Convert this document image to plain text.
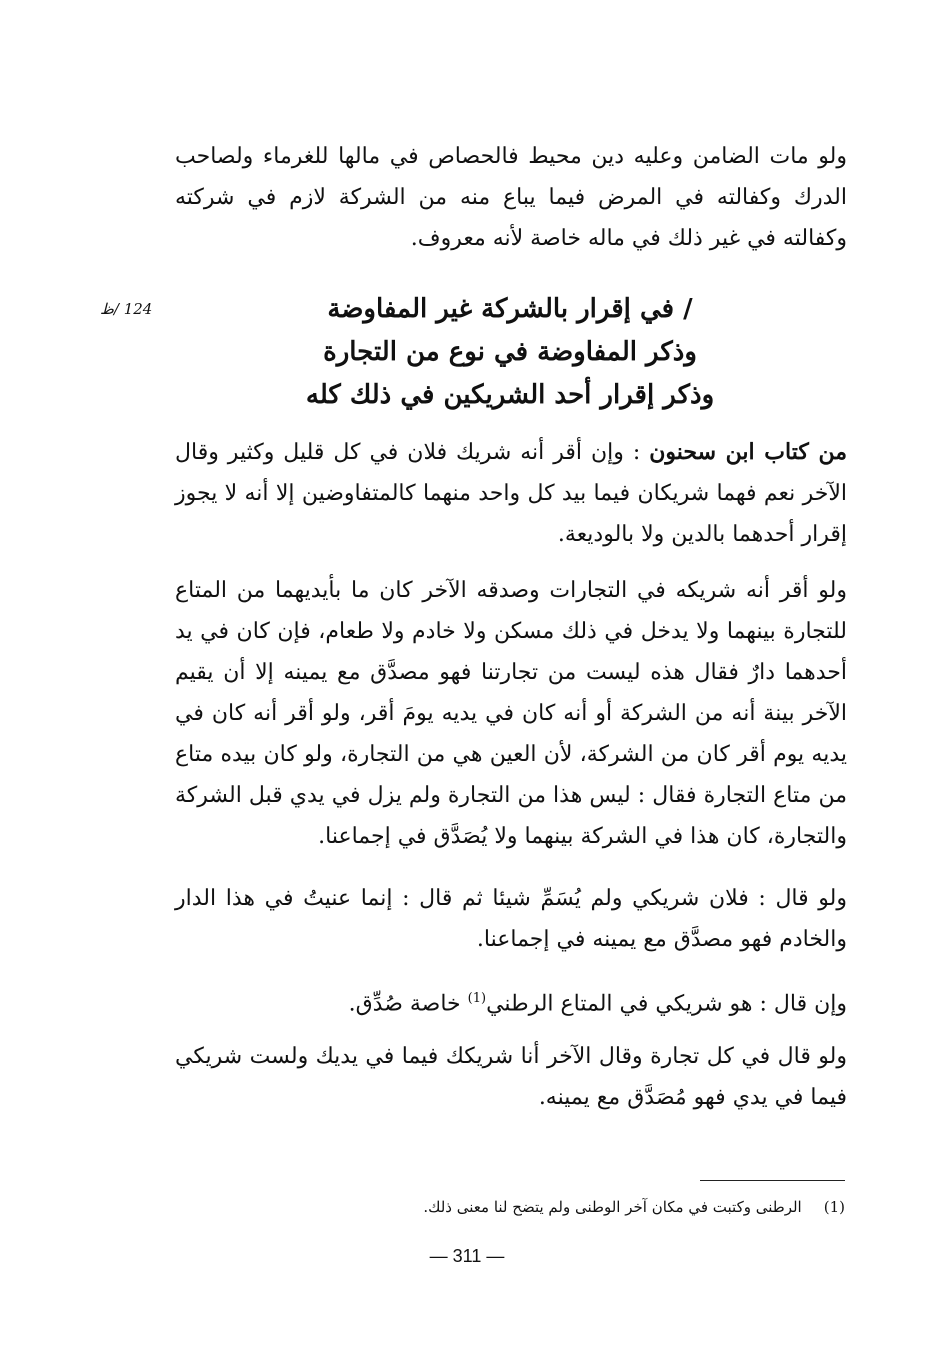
ولو مات الضامن وعليه دين محيط فالحصاص في مالها للغرماء ولصاحب الدرك وكفالته في المرض فيما يباع منه من الشركة لازم في شركته وكفالته في غير ذلك في ماله خاصة لأنه معروف.

124 /ظ	/ في إقرار بالشركة غير المفاوضة
وذكر المفاوضة في نوع من التجارة
وذكر إقرار أحد الشريكين في ذلك كله

من كتاب ابن سحنون : وإن أقر أنه شريك فلان في كل قليل وكثير وقال الآخر نعم فهما شريكان فيما بيد كل واحد منهما كالمتفاوضين إلا أنه لا يجوز إقرار أحدهما بالدين ولا بالوديعة.

ولو أقر أنه شريكه في التجارات وصدقه الآخر كان ما بأيديهما من المتاع للتجارة بينهما ولا يدخل في ذلك مسكن ولا خادم ولا طعام، فإن كان في يد أحدهما دارٌ فقال هذه ليست من تجارتنا فهو مصدَّق مع يمينه إلا أن يقيم الآخر بينة أنه من الشركة أو أنه كان في يديه يومَ أقر، ولو أقر أنه كان في يديه يوم أقر كان من الشركة، لأن العين هي من التجارة، ولو كان بيده متاع من متاع التجارة فقال : ليس هذا من التجارة ولم يزل في يدي قبل الشركة والتجارة، كان هذا في الشركة بينهما ولا يُصَدَّق في إجماعنا.

ولو قال : فلان شريكي ولم يُسَمِّ شيئا ثم قال : إنما عنيتُ في هذا الدار والخادم فهو مصدَّق مع يمينه في إجماعنا.

وإن قال : هو شريكي في المتاع الرطني$^{(1)}$ خاصة صُدِّق.

ولو قال في كل تجارة وقال الآخر أنا شريكك فيما في يديك ولست شريكي فيما في يدي فهو مُصَدَّق مع يمينه.

(1)الرطنى وكتبت في مكان آخر الوطنى ولم يتضح لنا معنى ذلك.
— 311 —
